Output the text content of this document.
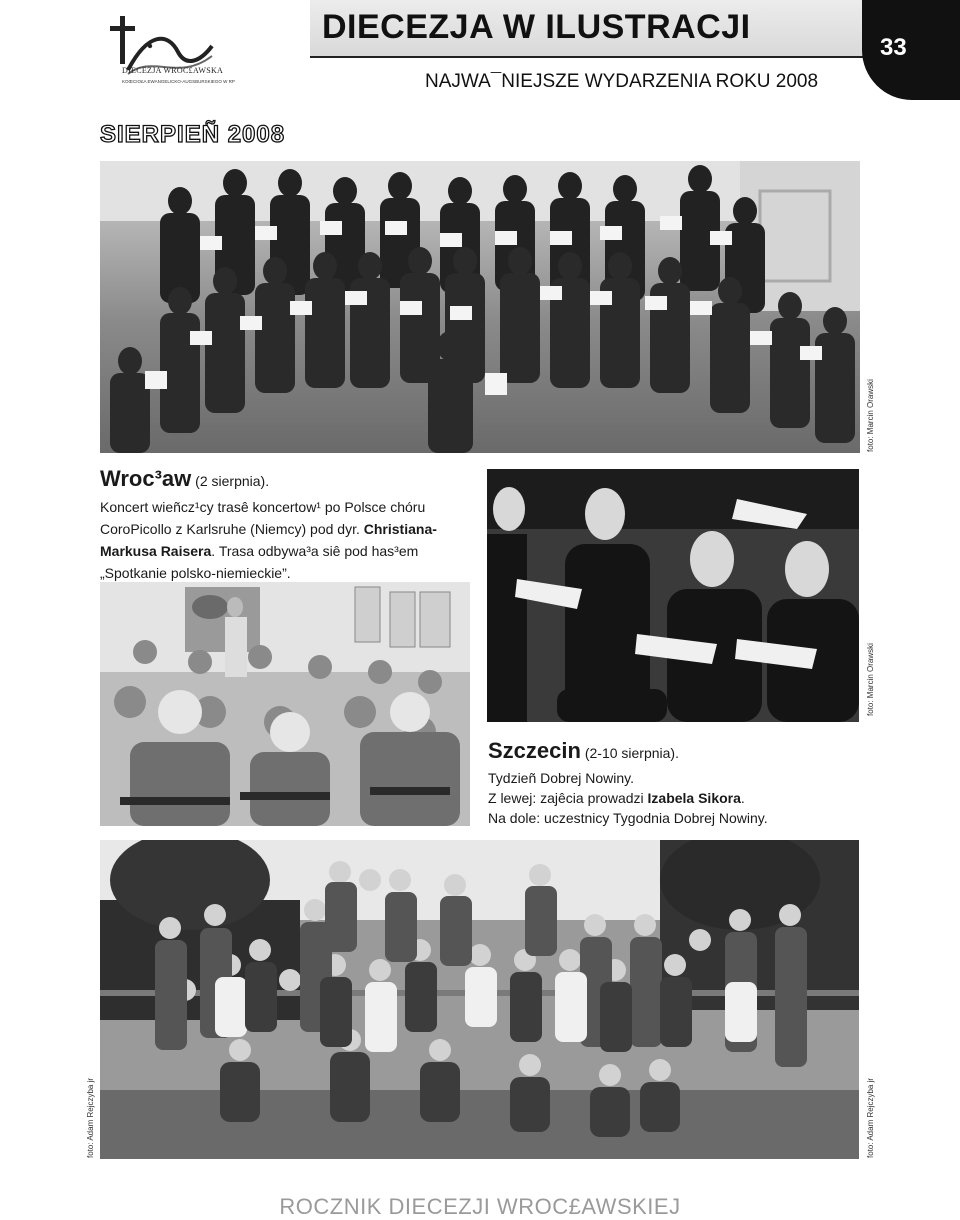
DIECEZJA W ILUSTRACJI
NAJWA¯NIEJSZE WYDARZENIA ROKU 2008
33
DIECEZJA WROC£AWSKA
KOŒCIO£A EWANGELICKO-AUGSBURSKIEGO W RP
SIERPIEÑ 2008
foto: Marcin Orawski
Wroc³aw (2 sierpnia).
Koncert wieñcz¹cy trasê koncertow¹ po Polsce chóru
CoroPicollo z Karlsruhe (Niemcy) pod dyr. Christiana-
Markusa Raisera. Trasa odbywa³a siê pod has³em
„Spotkanie polsko-niemieckie”.
foto: Marcin Orawski
Szczecin (2-10 sierpnia).
Tydzieñ Dobrej Nowiny.
Z lewej: zajêcia prowadzi Izabela Sikora.
Na dole: uczestnicy Tygodnia Dobrej Nowiny.
foto: Adam Rejczyba jr	foto: Adam Rejczyba jr
ROCZNIK DIECEZJI WROC£AWSKIEJ
